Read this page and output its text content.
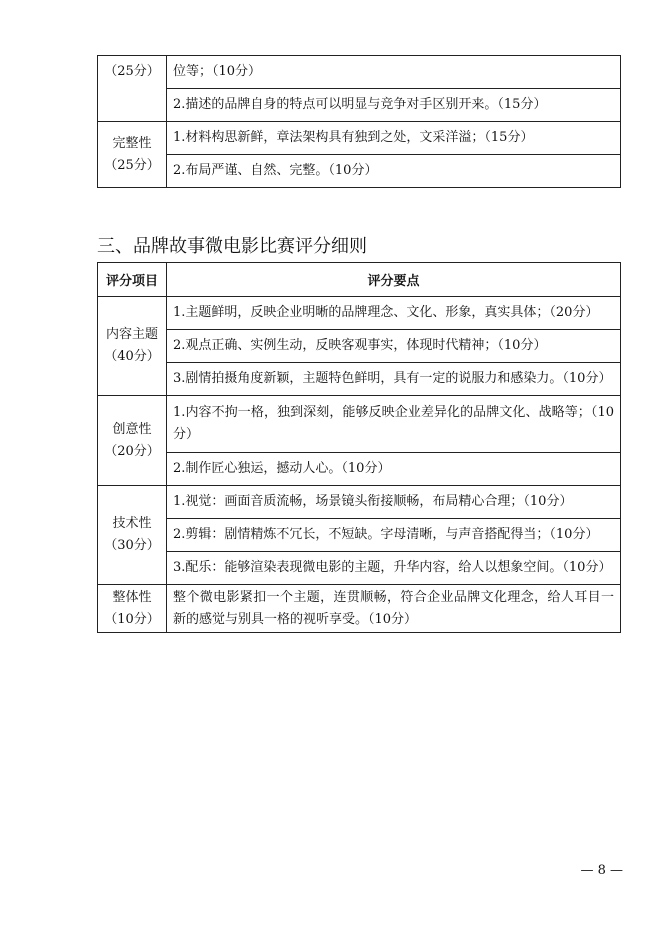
（25分）	位等；（10分）
	2.描述的品牌自身的特点可以明显与竞争对手区别开来。（15分）

完整性
（25分）	1.材料构思新鲜，章法架构具有独到之处，文采洋溢；（15分）
	2.布局严谨、自然、完整。（10分）
三、品牌故事微电影比赛评分细则
评分项目	评分要点

内容主题
（40分）	1.主题鲜明，反映企业明晰的品牌理念、文化、形象，真实具体；（20分）
	2.观点正确、实例生动，反映客观事实，体现时代精神；（10分）
	3.剧情拍摄角度新颖，主题特色鲜明，具有一定的说服力和感染力。（10分）

创意性
（20分）	1.内容不拘一格，独到深刻，能够反映企业差异化的品牌文化、战略等；（10分）
	2.制作匠心独运，撼动人心。（10分）

技术性
（30分）	1.视觉：画面音质流畅，场景镜头衔接顺畅，布局精心合理；（10分）
	2.剪辑：剧情精炼不冗长，不短缺。字母清晰，与声音搭配得当；（10分）
	3.配乐：能够渲染表现微电影的主题，升华内容，给人以想象空间。（10分）

整体性
（10分）	整个微电影紧扣一个主题，连贯顺畅，符合企业品牌文化理念，给人耳目一新的感觉与别具一格的视听享受。（10分）
— 8 —
